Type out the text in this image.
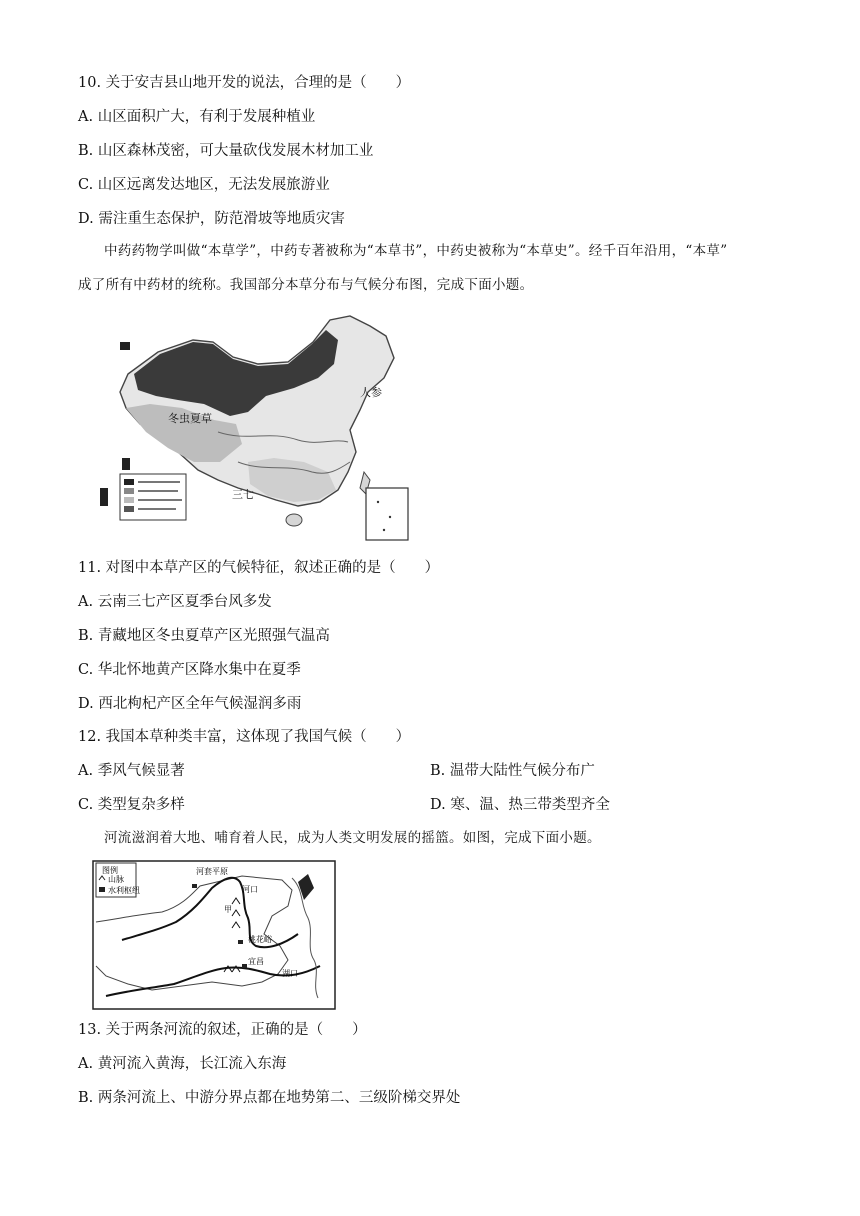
10. 关于安吉县山地开发的说法，合理的是（　　）
A. 山区面积广大，有利于发展种植业
B. 山区森林茂密，可大量砍伐发展木材加工业
C. 山区远离发达地区，无法发展旅游业
D. 需注重生态保护，防范滑坡等地质灾害
中药药物学叫做“本草学”，中药专著被称为“本草书”，中药史被称为“本草史”。经千百年沿用，“本草”
成了所有中药材的统称。我国部分本草分布与气候分布图，完成下面小题。
人参
冬虫夏草
三七
11. 对图中本草产区的气候特征，叙述正确的是（　　）
A. 云南三七产区夏季台风多发
B. 青藏地区冬虫夏草产区光照强气温高
C. 华北怀地黄产区降水集中在夏季
D. 西北枸杞产区全年气候湿润多雨
12. 我国本草种类丰富，这体现了我国气候（　　）
A. 季风气候显著	B. 温带大陆性气候分布广
C. 类型复杂多样	D. 寒、温、热三带类型齐全
河流滋润着大地、哺育着人民，成为人类文明发展的摇篮。如图，完成下面小题。
图例
山脉
水利枢纽
河套平原
河口
甲
桃花峪
宜昌
湖口
13. 关于两条河流的叙述，正确的是（　　）
A. 黄河流入黄海，长江流入东海
B. 两条河流上、中游分界点都在地势第二、三级阶梯交界处
